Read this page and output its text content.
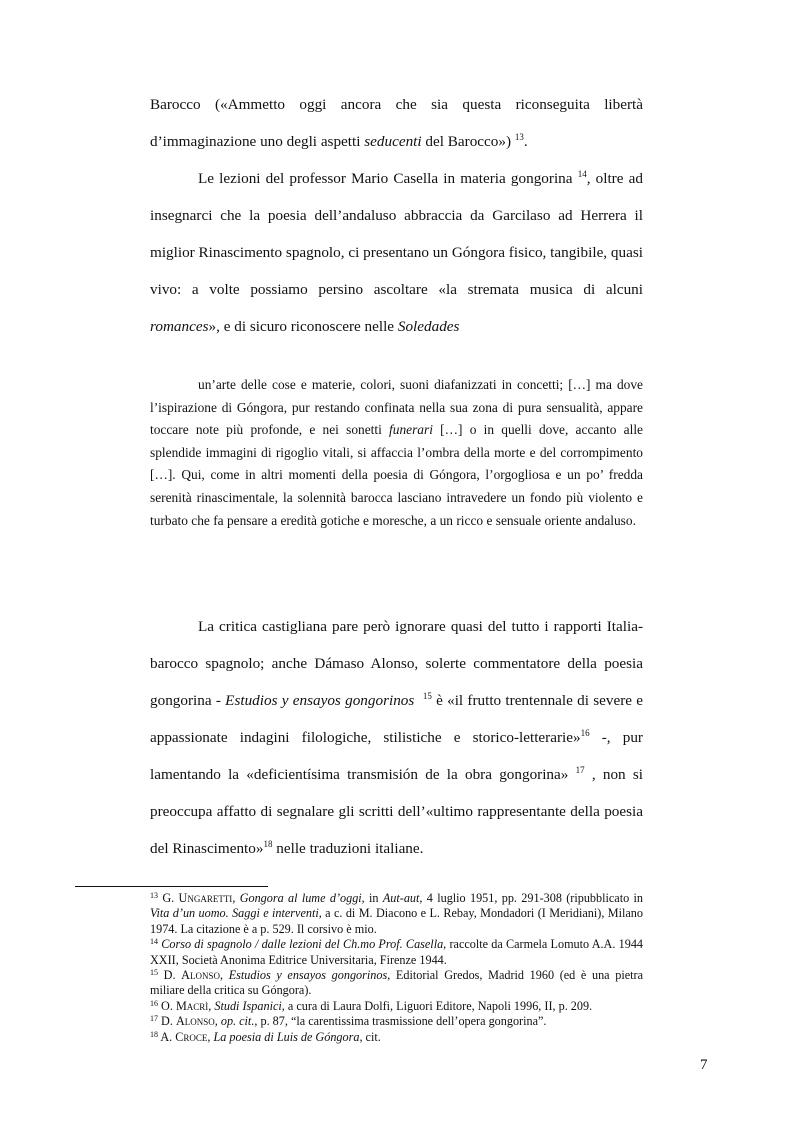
Barocco («Ammetto oggi ancora che sia questa riconseguita libertà d’immaginazione uno degli aspetti seducenti del Barocco») $^{13}$.

Le lezioni del professor Mario Casella in materia gongorina $^{14}$, oltre ad insegnarci che la poesia dell’andaluso abbraccia da Garcilaso ad Herrera il miglior Rinascimento spagnolo, ci presentano un Góngora fisico, tangibile, quasi vivo: a volte possiamo persino ascoltare «la stremata musica di alcuni romances», e di sicuro riconoscere nelle Soledades

un’arte delle cose e materie, colori, suoni diafanizzati in concetti; […] ma dove l’ispirazione di Góngora, pur restando confinata nella sua zona di pura sensualità, appare toccare note più profonde, e nei sonetti funerari […] o in quelli dove, accanto alle splendide immagini di rigoglio vitali, si affaccia l’ombra della morte e del corrompimento […]. Qui, come in altri momenti della poesia di Góngora, l’orgogliosa e un po’ fredda serenità rinascimentale, la solennità barocca lasciano intravedere un fondo più violento e turbato che fa pensare a eredità gotiche e moresche, a un ricco e sensuale oriente andaluso.

La critica castigliana pare però ignorare quasi del tutto i rapporti Italia-barocco spagnolo; anche Dámaso Alonso, solerte commentatore della poesia gongorina - Estudios y ensayos gongorinos $^{15}$ è «il frutto trentennale di severe e appassionate indagini filologiche, stilistiche e storico-letterarie»$^{16}$ -, pur lamentando la «deficientísima transmisión de la obra gongorina» $^{17}$ , non si preoccupa affatto di segnalare gli scritti dell’«ultimo rappresentante della poesia del Rinascimento»$^{18}$ nelle traduzioni italiane.

$^{13}$ G. Ungaretti, Gongora al lume d’oggi, in Aut-aut, 4 luglio 1951, pp. 291-308 (ripubblicato in Vita d’un uomo. Saggi e interventi, a c. di M. Diacono e L. Rebay, Mondadori (I Meridiani), Milano 1974. La citazione è a p. 529. Il corsivo è mio.

$^{14}$ Corso di spagnolo / dalle lezioni del Ch.mo Prof. Casella, raccolte da Carmela Lomuto A.A. 1944 XXII, Società Anonima Editrice Universitaria, Firenze 1944.

$^{15}$ D. Alonso, Estudios y ensayos gongorinos, Editorial Gredos, Madrid 1960 (ed è una pietra miliare della critica su Góngora).

$^{16}$ O. Macrì, Studi Ispanici, a cura di Laura Dolfi, Liguori Editore, Napoli 1996, II, p. 209.

$^{17}$ D. Alonso, op. cit., p. 87, “la carentissima trasmissione dell’opera gongorina”.

$^{18}$ A. Croce, La poesia di Luis de Góngora, cit.

7
